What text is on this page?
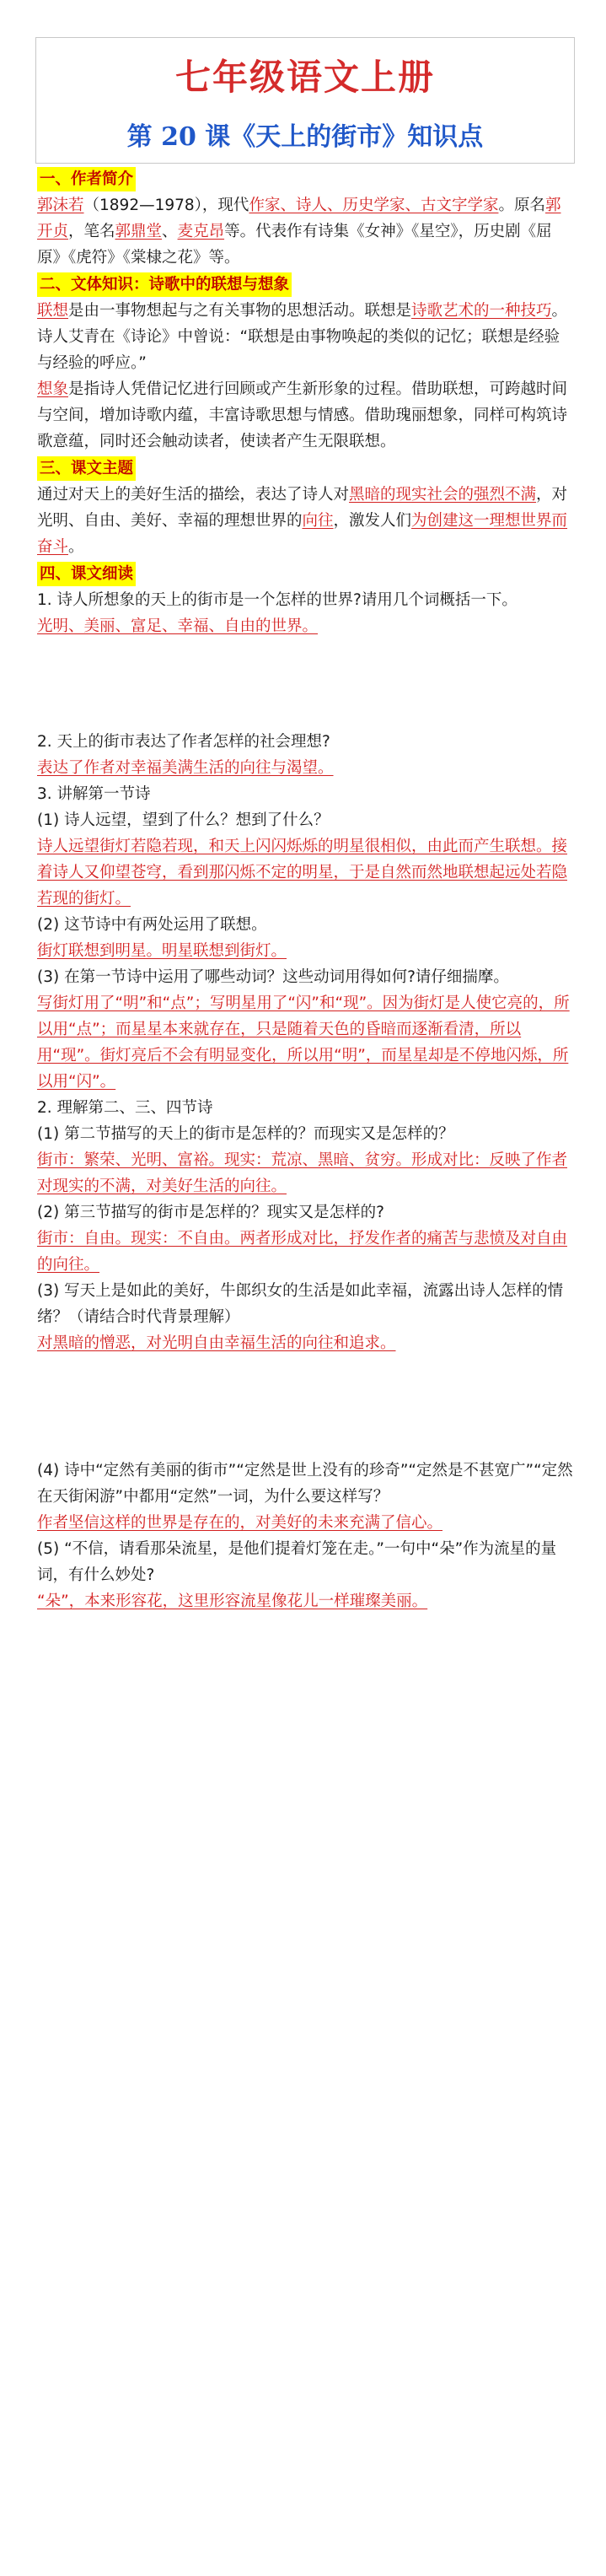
七年级语文上册
第 20 课《天上的街市》知识点
一、作者简介

郭沫若（1892—1978），现代作家、诗人、历史学家、古文字学家。原名郭开贞，笔名郭鼎堂、麦克昂等。代表作有诗集《女神》《星空》，历史剧《屈原》《虎符》《棠棣之花》等。

二、文体知识：诗歌中的联想与想象

联想是由一事物想起与之有关事物的思想活动。联想是诗歌艺术的一种技巧。诗人艾青在《诗论》中曾说：“联想是由事物唤起的类似的记忆；联想是经验与经验的呼应。”

想象是指诗人凭借记忆进行回顾或产生新形象的过程。借助联想，可跨越时间与空间，增加诗歌内蕴，丰富诗歌思想与情感。借助瑰丽想象，同样可构筑诗歌意蕴，同时还会触动读者，使读者产生无限联想。

三、课文主题

通过对天上的美好生活的描绘，表达了诗人对黑暗的现实社会的强烈不满，对光明、自由、美好、幸福的理想世界的向往，激发人们为创建这一理想世界而奋斗。

四、课文细读

1. 诗人所想象的天上的街市是一个怎样的世界?请用几个词概括一下。

光明、美丽、富足、幸福、自由的世界。

2. 天上的街市表达了作者怎样的社会理想?

表达了作者对幸福美满生活的向往与渴望。

3. 讲解第一节诗

(1) 诗人远望，望到了什么？想到了什么？

诗人远望街灯若隐若现，和天上闪闪烁烁的明星很相似，由此而产生联想。接着诗人又仰望苍穹，看到那闪烁不定的明星，于是自然而然地联想起远处若隐若现的街灯。

(2) 这节诗中有两处运用了联想。

街灯联想到明星。明星联想到街灯。

(3) 在第一节诗中运用了哪些动词？这些动词用得如何?请仔细揣摩。

写街灯用了“明”和“点”；写明星用了“闪”和“现”。因为街灯是人使它亮的，所以用“点”；而星星本来就存在，只是随着天色的昏暗而逐渐看清，所以用“现”。街灯亮后不会有明显变化，所以用“明”，而星星却是不停地闪烁，所以用“闪”。

2. 理解第二、三、四节诗

(1) 第二节描写的天上的街市是怎样的？而现实又是怎样的？

街市：繁荣、光明、富裕。现实：荒凉、黑暗、贫穷。形成对比：反映了作者对现实的不满，对美好生活的向往。

(2) 第三节描写的街市是怎样的？现实又是怎样的?

街市：自由。现实：不自由。两者形成对比，抒发作者的痛苦与悲愤及对自由的向往。

(3) 写天上是如此的美好，牛郎织女的生活是如此幸福，流露出诗人怎样的情绪？（请结合时代背景理解）

对黑暗的憎恶，对光明自由幸福生活的向往和追求。

(4) 诗中“定然有美丽的街市”“定然是世上没有的珍奇”“定然是不甚宽广”“定然在天街闲游”中都用“定然”一词，为什么要这样写？

作者坚信这样的世界是存在的，对美好的未来充满了信心。

(5) “不信，请看那朵流星，是他们提着灯笼在走。”一句中“朵”作为流星的量词，有什么妙处?

“朵”，本来形容花，这里形容流星像花儿一样璀璨美丽。
